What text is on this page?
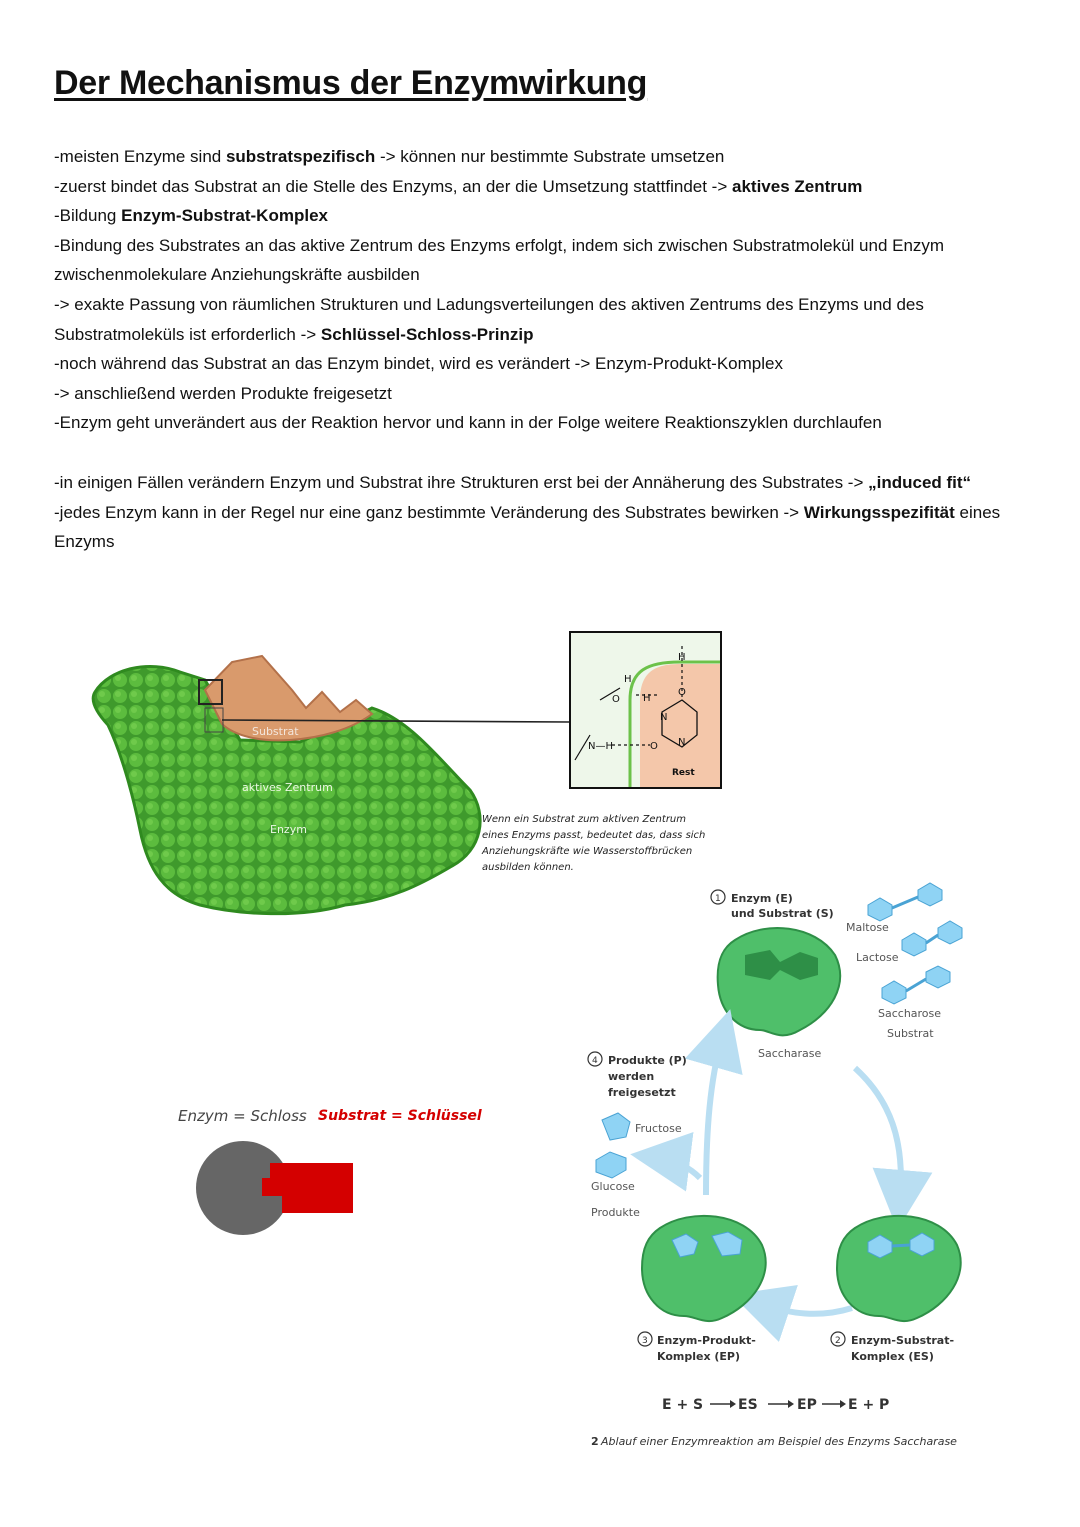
Der Mechanismus der Enzymwirkung

-meisten Enzyme sind substratspezifisch -> können nur bestimmte Substrate umsetzen

-zuerst bindet das Substrat an die Stelle des Enzyms, an der die Umsetzung stattfindet -> aktives Zentrum

-Bildung Enzym-Substrat-Komplex

-Bindung des Substrates an das aktive Zentrum des Enzyms erfolgt, indem sich zwischen Substratmolekül und Enzym zwischenmolekulare Anziehungskräfte ausbilden

-> exakte Passung von räumlichen Strukturen und Ladungsverteilungen des aktiven Zentrums des Enzyms und des Substratmoleküls ist erforderlich -> Schlüssel-Schloss-Prinzip

-noch während das Substrat an das Enzym bindet, wird es verändert -> Enzym-Produkt-Komplex

-> anschließend werden Produkte freigesetzt

-Enzym geht unverändert aus der Reaktion hervor und kann in der Folge weitere Reaktionszyklen durchlaufen

-in einigen Fällen verändern Enzym und Substrat ihre Strukturen erst bei der Annäherung des Substrates -> „induced fit“

-jedes Enzym kann in der Regel nur eine ganz bestimmte Veränderung des Substrates bewirken -> Wirkungsspezifität eines Enzyms

Substrat
aktives Zentrum
Enzym
H
H
O H
N
O
N—H	O N
Rest
Wenn ein Substrat zum aktiven Zentrum
eines Enzyms passt, bedeutet das, dass sich
Anziehungskräfte wie Wasserstoffbrücken
ausbilden können.
Enzym = Schloss Substrat = Schlüssel
1 Enzym (E)
und Substrat (S)
Saccharase
Maltose
Lactose
Saccharose
Substrat
4 Produkte (P)
werden
freigesetzt
Fructose
Glucose
Produkte
3 Enzym-Produkt-
Komplex (EP)
2 Enzym-Substrat-
Komplex (ES)
E + S ES	EP E + P
2 Ablauf einer Enzymreaktion am Beispiel des Enzyms Saccharase
